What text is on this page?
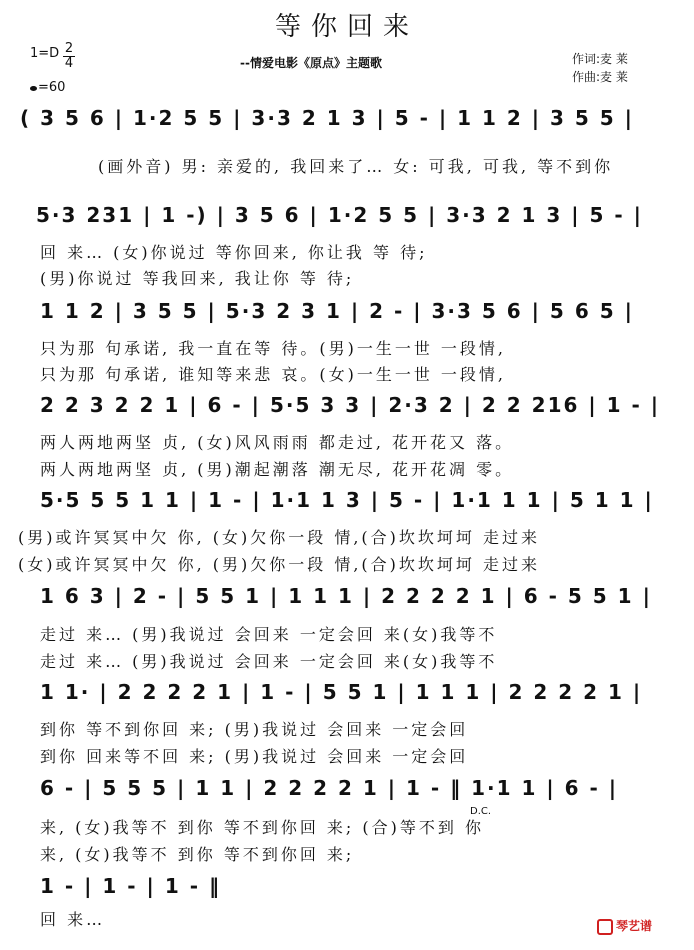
等你回来
1=D 2
4
=60
--情爱电影《原点》主题歌	作词:麦 莱
作曲:麦 莱
( 3 5 6 | 1·2 5 5 | 3·3 2 1 3 | 5 - | 1 1 2 | 3 5 5 |
(画外音) 男: 亲爱的, 我回来了… 女: 可我, 可我, 等不到你
5·3 231 | 1 -) | 3 5 6 | 1·2 5 5 | 3·3 2 1 3 | 5 - |
回 来… (女)你说过 等你回来, 你让我 等 待;
(男)你说过 等我回来, 我让你 等 待;
1 1 2 | 3 5 5 | 5·3 2 3 1 | 2 - | 3·3 5 6 | 5 6 5 |
只为那 句承诺, 我一直在等 待。(男)一生一世 一段情,
只为那 句承诺, 谁知等来悲 哀。(女)一生一世 一段情,
2 2 3 2 2 1 | 6 - | 5·5 3 3 | 2·3 2 | 2 2 216 | 1 - |
两人两地两坚 贞, (女)风风雨雨 都走过, 花开花又 落。
两人两地两坚 贞, (男)潮起潮落 潮无尽, 花开花凋 零。
5·5 5 5 1 1 | 1 - | 1·1 1 3 | 5 - | 1·1 1 1 | 5 1 1 |
(男)或许冥冥中欠 你, (女)欠你一段 情,(合)坎坎坷坷 走过来
(女)或许冥冥中欠 你, (男)欠你一段 情,(合)坎坎坷坷 走过来
1 6 3 | 2 - | 5 5 1 | 1 1 1 | 2 2 2 2 1 | 6 - 5 5 1 |
走过 来… (男)我说过 会回来 一定会回 来(女)我等不
走过 来… (男)我说过 会回来 一定会回 来(女)我等不
1 1· | 2 2 2 2 1 | 1 - | 5 5 1 | 1 1 1 | 2 2 2 2 1 |
到你 等不到你回 来; (男)我说过 会回来 一定会回
到你 回来等不回 来; (男)我说过 会回来 一定会回
6 - | 5 5 5 | 1 1 | 2 2 2 2 1 | 1 - ‖ 1·1 1 | 6 - |
D.C.
来, (女)我等不 到你 等不到你回 来; (合)等不到 你
来, (女)我等不 到你 等不到你回 来;
1 - | 1 - | 1 - ‖
回 来…	琴艺谱
